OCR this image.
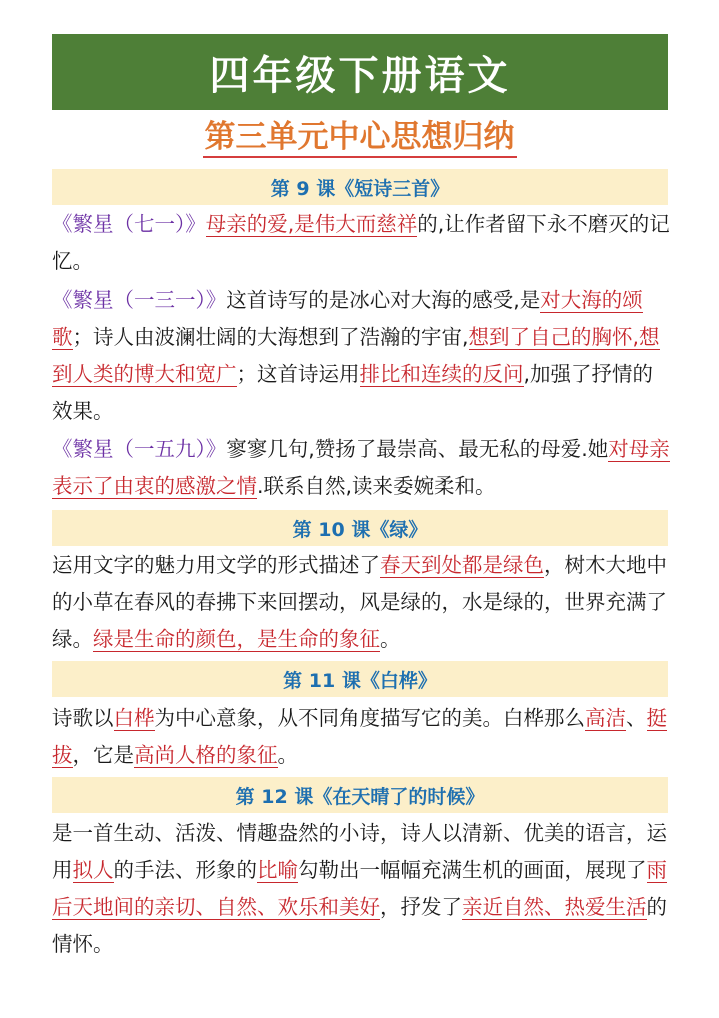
四年级下册语文
第三单元中心思想归纳
第 9 课《短诗三首》

《繁星（七一）》母亲的爱,是伟大而慈祥的,让作者留下永不磨灭的记忆。

《繁星（一三一）》这首诗写的是冰心对大海的感受,是对大海的颂歌；诗人由波澜壮阔的大海想到了浩瀚的宇宙,想到了自己的胸怀,想到人类的博大和宽广；这首诗运用排比和连续的反问,加强了抒情的效果。

《繁星（一五九）》寥寥几句,赞扬了最崇高、最无私的母爱.她对母亲表示了由衷的感激之情.联系自然,读来委婉柔和。

第 10 课《绿》

运用文字的魅力用文学的形式描述了春天到处都是绿色，树木大地中的小草在春风的春拂下来回摆动，风是绿的，水是绿的，世界充满了绿。绿是生命的颜色，是生命的象征。

第 11 课《白桦》

诗歌以白桦为中心意象，从不同角度描写它的美。白桦那么高洁、挺拔，它是高尚人格的象征。

第 12 课《在天晴了的时候》

是一首生动、活泼、情趣盎然的小诗，诗人以清新、优美的语言，运用拟人的手法、形象的比喻勾勒出一幅幅充满生机的画面，展现了雨后天地间的亲切、自然、欢乐和美好，抒发了亲近自然、热爱生活的情怀。
